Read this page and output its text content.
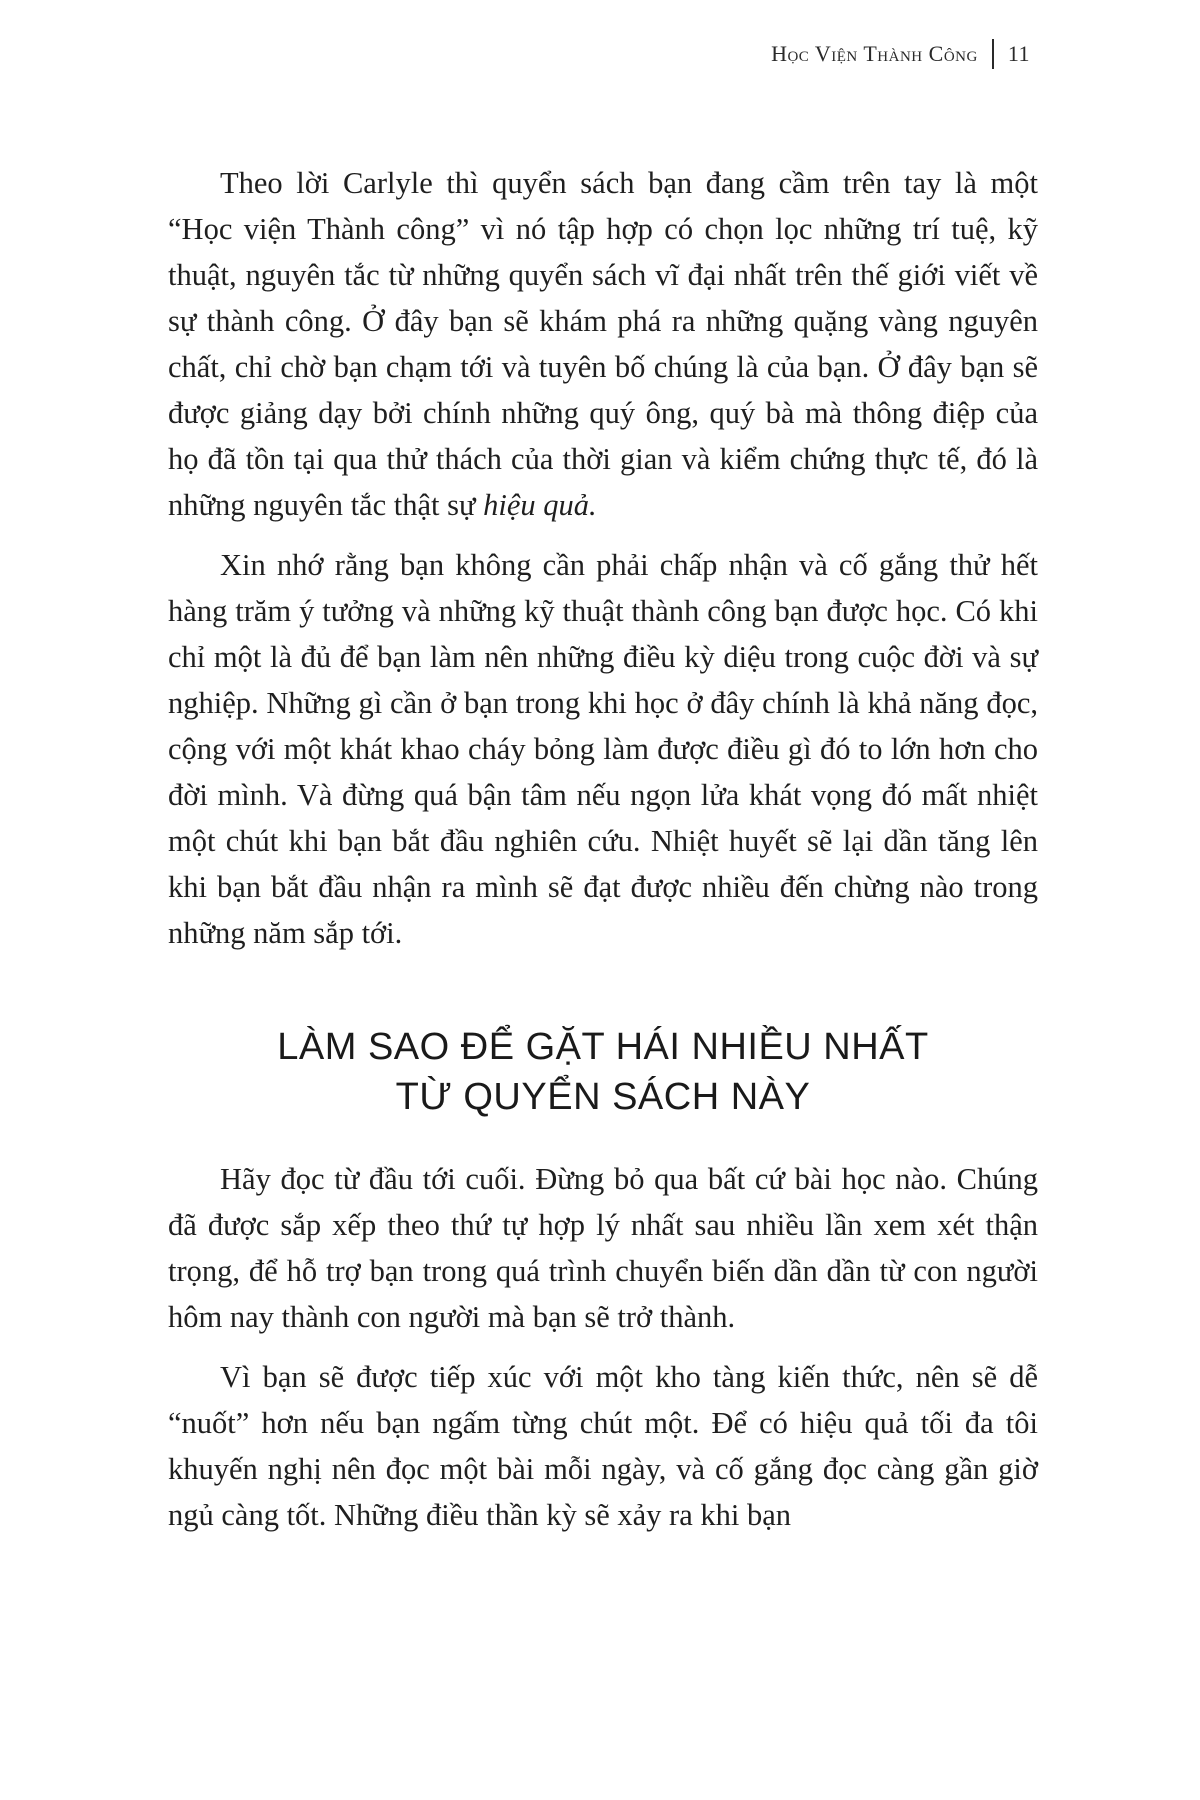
Học Viện Thành Công 11

Theo lời Carlyle thì quyển sách bạn đang cầm trên tay là một “Học viện Thành công” vì nó tập hợp có chọn lọc những trí tuệ, kỹ thuật, nguyên tắc từ những quyển sách vĩ đại nhất trên thế giới viết về sự thành công. Ở đây bạn sẽ khám phá ra những quặng vàng nguyên chất, chỉ chờ bạn chạm tới và tuyên bố chúng là của bạn. Ở đây bạn sẽ được giảng dạy bởi chính những quý ông, quý bà mà thông điệp của họ đã tồn tại qua thử thách của thời gian và kiểm chứng thực tế, đó là những nguyên tắc thật sự hiệu quả.

Xin nhớ rằng bạn không cần phải chấp nhận và cố gắng thử hết hàng trăm ý tưởng và những kỹ thuật thành công bạn được học. Có khi chỉ một là đủ để bạn làm nên những điều kỳ diệu trong cuộc đời và sự nghiệp. Những gì cần ở bạn trong khi học ở đây chính là khả năng đọc, cộng với một khát khao cháy bỏng làm được điều gì đó to lớn hơn cho đời mình. Và đừng quá bận tâm nếu ngọn lửa khát vọng đó mất nhiệt một chút khi bạn bắt đầu nghiên cứu. Nhiệt huyết sẽ lại dần tăng lên khi bạn bắt đầu nhận ra mình sẽ đạt được nhiều đến chừng nào trong những năm sắp tới.

LÀM SAO ĐỂ GẶT HÁI NHIỀU NHẤT
TỪ QUYỂN SÁCH NÀY

Hãy đọc từ đầu tới cuối. Đừng bỏ qua bất cứ bài học nào. Chúng đã được sắp xếp theo thứ tự hợp lý nhất sau nhiều lần xem xét thận trọng, để hỗ trợ bạn trong quá trình chuyển biến dần dần từ con người hôm nay thành con người mà bạn sẽ trở thành.

Vì bạn sẽ được tiếp xúc với một kho tàng kiến thức, nên sẽ dễ “nuốt” hơn nếu bạn ngấm từng chút một. Để có hiệu quả tối đa tôi khuyến nghị nên đọc một bài mỗi ngày, và cố gắng đọc càng gần giờ ngủ càng tốt. Những điều thần kỳ sẽ xảy ra khi bạn
